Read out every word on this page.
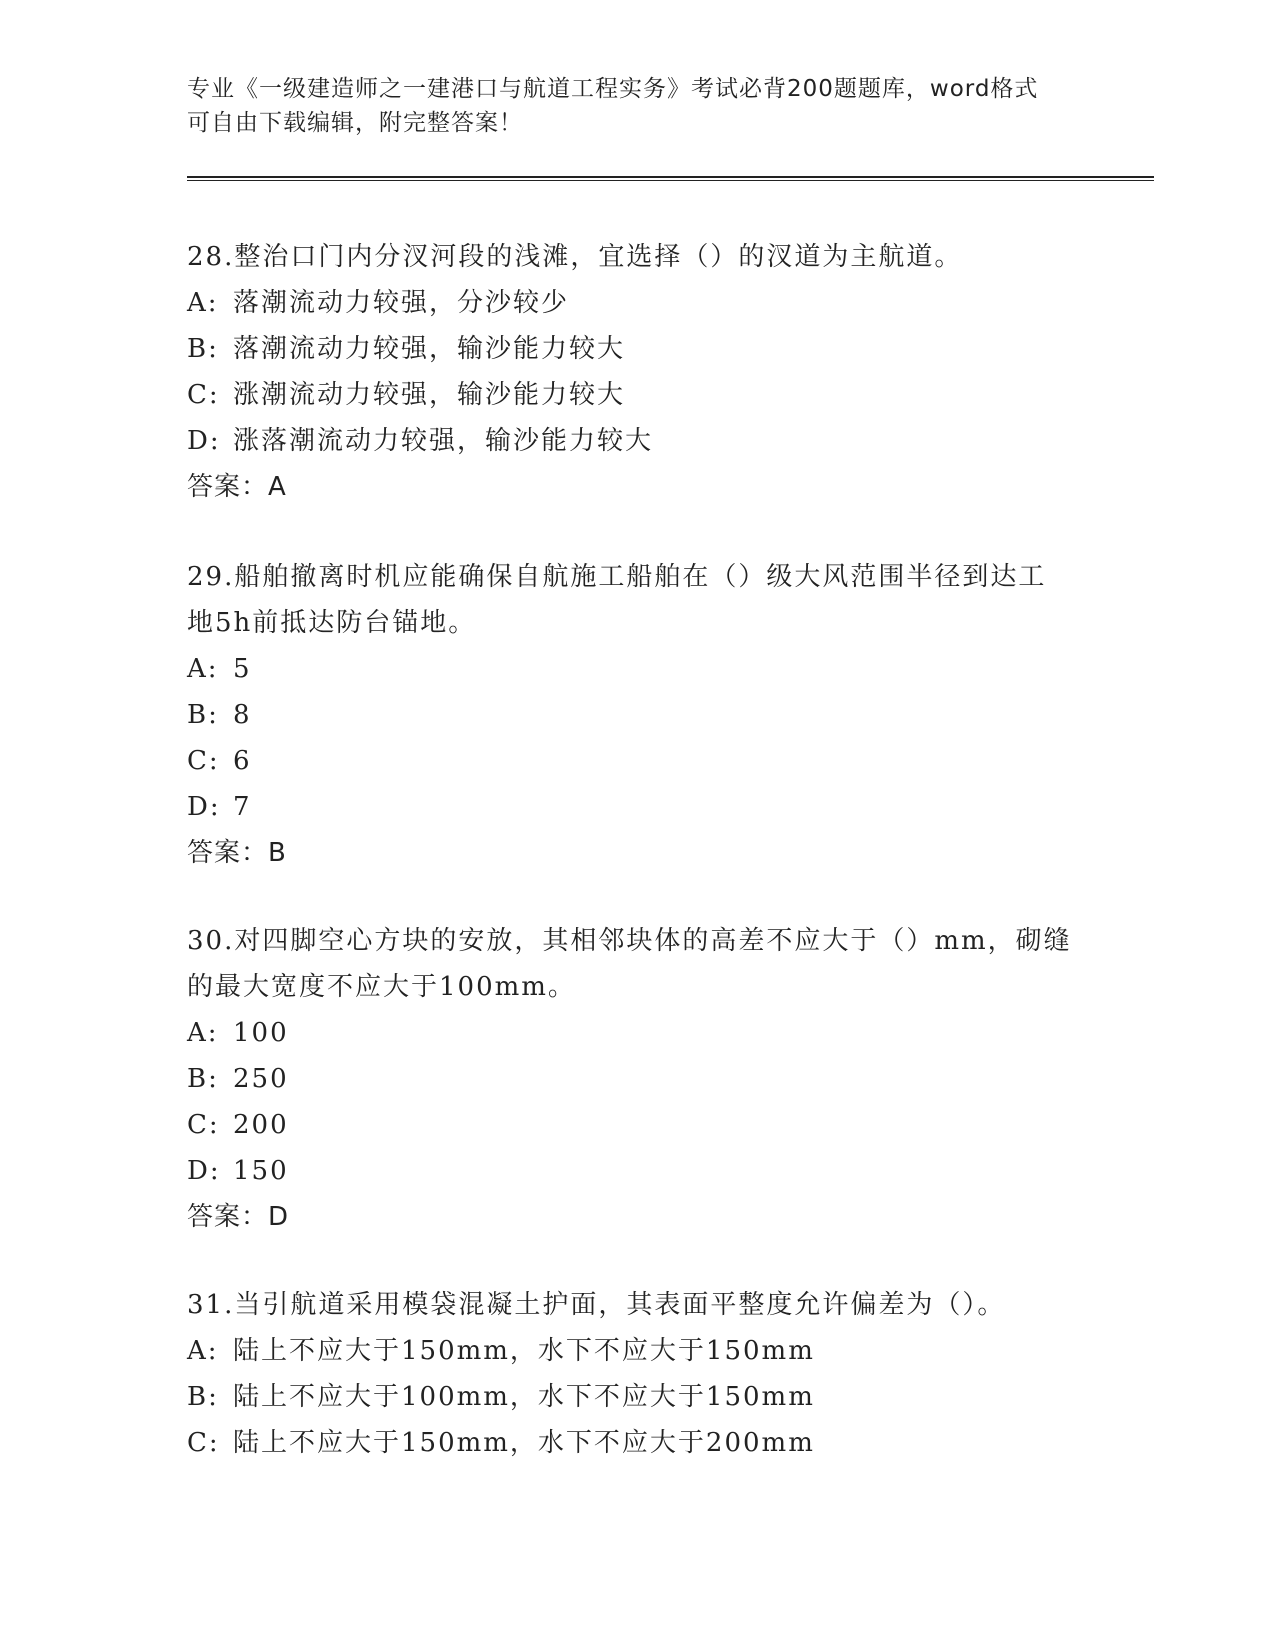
专业《一级建造师之一建港口与航道工程实务》考试必背200题题库，word格式
可自由下载编辑，附完整答案！

28.整治口门内分汊河段的浅滩，宜选择（）的汊道为主航道。

A: 落潮流动力较强，分沙较少

B: 落潮流动力较强，输沙能力较大

C: 涨潮流动力较强，输沙能力较大

D: 涨落潮流动力较强，输沙能力较大

答案：A

29.船舶撤离时机应能确保自航施工船舶在（）级大风范围半径到达工

地5h前抵达防台锚地。

A: 5

B: 8

C: 6

D: 7

答案：B

30.对四脚空心方块的安放，其相邻块体的高差不应大于（）mm，砌缝

的最大宽度不应大于100mm。

A: 100

B: 250

C: 200

D: 150

答案：D

31.当引航道采用模袋混凝土护面，其表面平整度允许偏差为（）。

A: 陆上不应大于150mm，水下不应大于150mm

B: 陆上不应大于100mm，水下不应大于150mm

C: 陆上不应大于150mm，水下不应大于200mm
